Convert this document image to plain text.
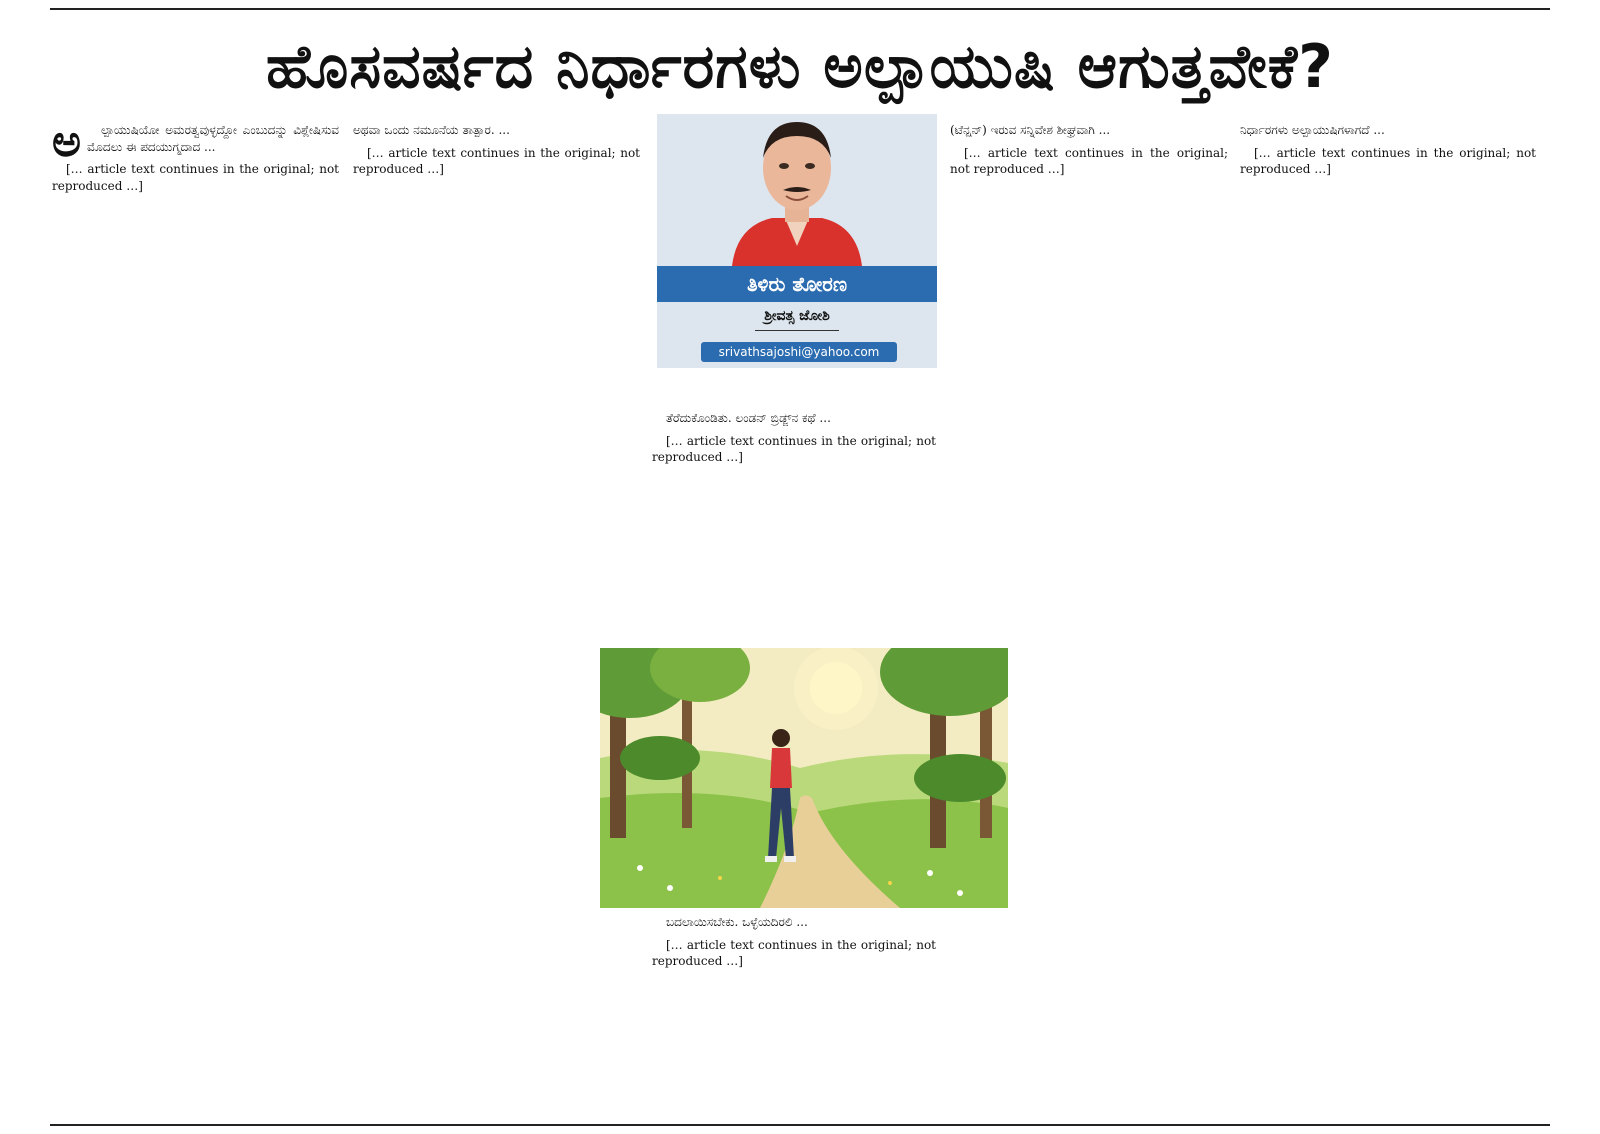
ಹೊಸವರ್ಷದ ನಿರ್ಧಾರಗಳು ಅಲ್ಪಾಯುಷಿ ಆಗುತ್ತವೇಕೆ?
ಅ	ಲ್ಪಾಯುಷಿಯೋ ಅಮರತ್ವವುಳ್ಳದ್ದೋ ಎಂಬುದನ್ನು ವಿಶ್ಲೇಷಿಸುವ ಮೊದಲು ಈ ಪದಯುಗ್ಮದಾದ ...

[… article text continues in the original; not reproduced …]

ಅಥವಾ ಒಂದು ನಮೂನೆಯ ತಾತ್ಪಾರ. ...

[… article text continues in the original; not reproduced …]

ತಿಳಿರು ತೋರಣ
ಶ್ರೀವತ್ಸ ಜೋಶಿ
srivathsajoshi@yahoo.com

ತೆರೆದುಕೊಂಡಿತು. ಲಂಡನ್ ಬ್ರಿಡ್ಜ್‌ನ ಕಥೆ ...

[… article text continues in the original; not reproduced …]

ಬದಲಾಯಿಸಬೇಕು. ಒಳ್ಳೆಯದಿರಲಿ ...

[… article text continues in the original; not reproduced …]

(ಟೆನ್ಷನ್) ಇರುವ ಸನ್ನಿವೇಶ ಶೀಘ್ರವಾಗಿ ...

[… article text continues in the original; not reproduced …]

ನಿರ್ಧಾರಗಳು ಅಲ್ಪಾಯುಷಿಗಳಾಗದೆ ...

[… article text continues in the original; not reproduced …]
